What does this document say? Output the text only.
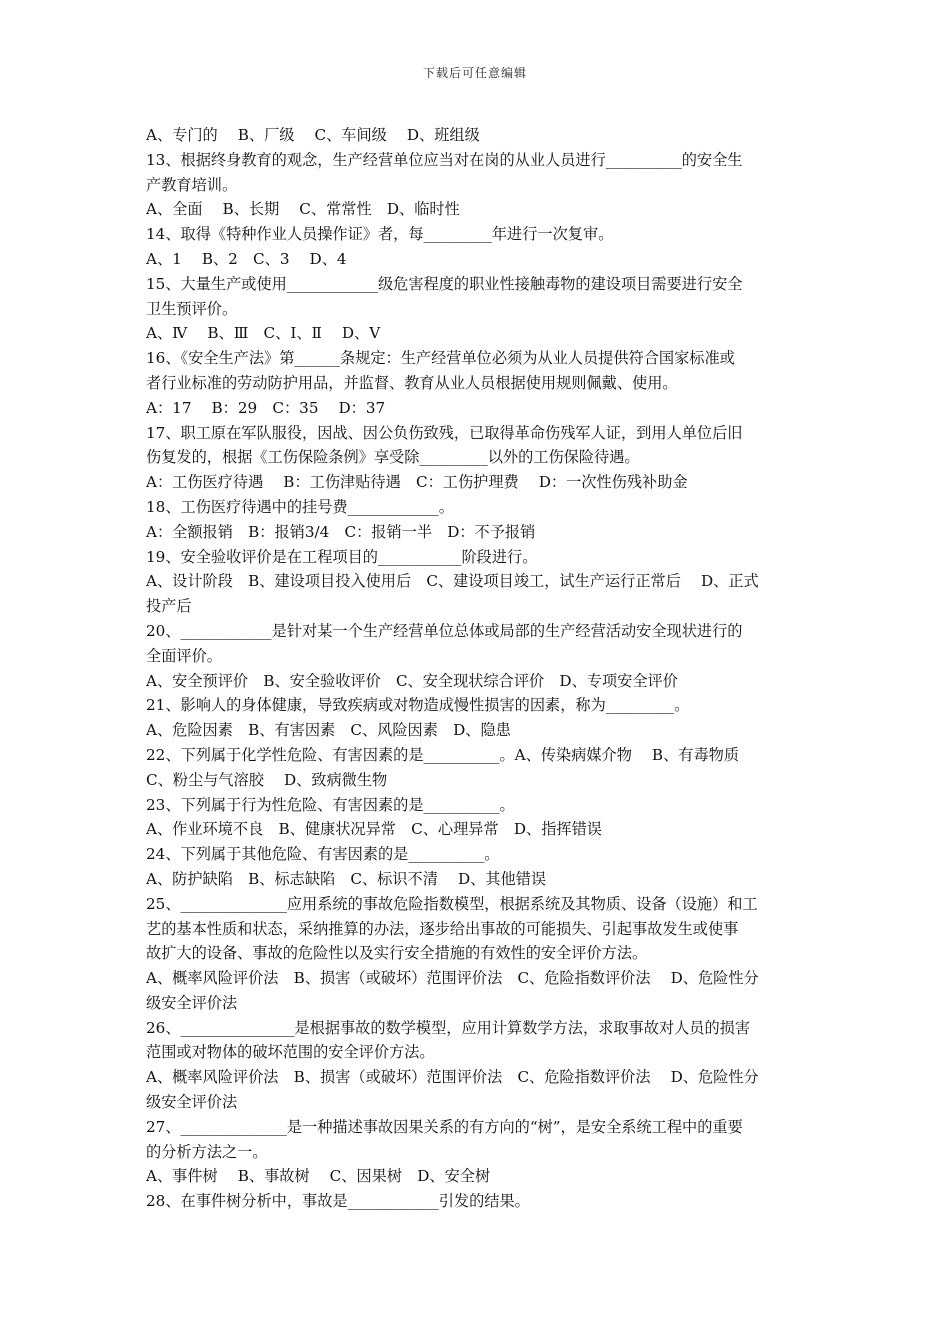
下载后可任意编辑
A、专门的　 B、厂级　 C、车间级　 D、班组级
13、根据终身教育的观念，生产经营单位应当对在岗的从业人员进行__________的安全生
产教育培训。
A、全面　 B、长期　 C、常常性　D、临时性
14、取得《特种作业人员操作证》者，每_________年进行一次复审。
A、1　 B、2　C、3　 D、4
15、大量生产或使用____________级危害程度的职业性接触毒物的建设项目需要进行安全
卫生预评价。
A、Ⅳ　 B、Ⅲ　C、Ⅰ、Ⅱ　 D、Ⅴ
16、《安全生产法》第______条规定：生产经营单位必须为从业人员提供符合国家标准或
者行业标准的劳动防护用品，并监督、教育从业人员根据使用规则佩戴、使用。
A：17　 B：29　C：35　 D：37
17、职工原在军队服役，因战、因公负伤致残，已取得革命伤残军人证，到用人单位后旧
伤复发的，根据《工伤保险条例》享受除_________以外的工伤保险待遇。
A：工伤医疗待遇　 B：工伤津贴待遇　C：工伤护理费　 D：一次性伤残补助金
18、工伤医疗待遇中的挂号费____________。
A：全额报销　B：报销3/4　C：报销一半　D：不予报销
19、安全验收评价是在工程项目的___________阶段进行。
A、设计阶段　B、建设项目投入使用后　C、建设项目竣工，试生产运行正常后　 D、正式
投产后
20、____________是针对某一个生产经营单位总体或局部的生产经营活动安全现状进行的
全面评价。
A、安全预评价　B、安全验收评价　C、安全现状综合评价　D、专项安全评价
21、影响人的身体健康，导致疾病或对物造成慢性损害的因素，称为_________。
A、危险因素　B、有害因素　C、风险因素　D、隐患
22、下列属于化学性危险、有害因素的是__________。A、传染病媒介物　 B、有毒物质
C、粉尘与气溶胶　 D、致病微生物
23、下列属于行为性危险、有害因素的是__________。
A、作业环境不良　B、健康状况异常　C、心理异常　D、指挥错误
24、下列属于其他危险、有害因素的是__________。
A、防护缺陷　B、标志缺陷　C、标识不清　 D、其他错误
25、______________应用系统的事故危险指数模型，根据系统及其物质、设备（设施）和工
艺的基本性质和状态，采纳推算的办法，逐步给出事故的可能损失、引起事故发生或使事
故扩大的设备、事故的危险性以及实行安全措施的有效性的安全评价方法。
A、概率风险评价法　B、损害（或破坏）范围评价法　C、危险指数评价法　 D、危险性分
级安全评价法
26、_______________是根据事故的数学模型，应用计算数学方法，求取事故对人员的损害
范围或对物体的破坏范围的安全评价方法。
A、概率风险评价法　B、损害（或破坏）范围评价法　C、危险指数评价法　 D、危险性分
级安全评价法
27、______________是一种描述事故因果关系的有方向的“树”，是安全系统工程中的重要
的分析方法之一。
A、事件树　 B、事故树　 C、因果树　D、安全树
28、在事件树分析中，事故是____________引发的结果。
